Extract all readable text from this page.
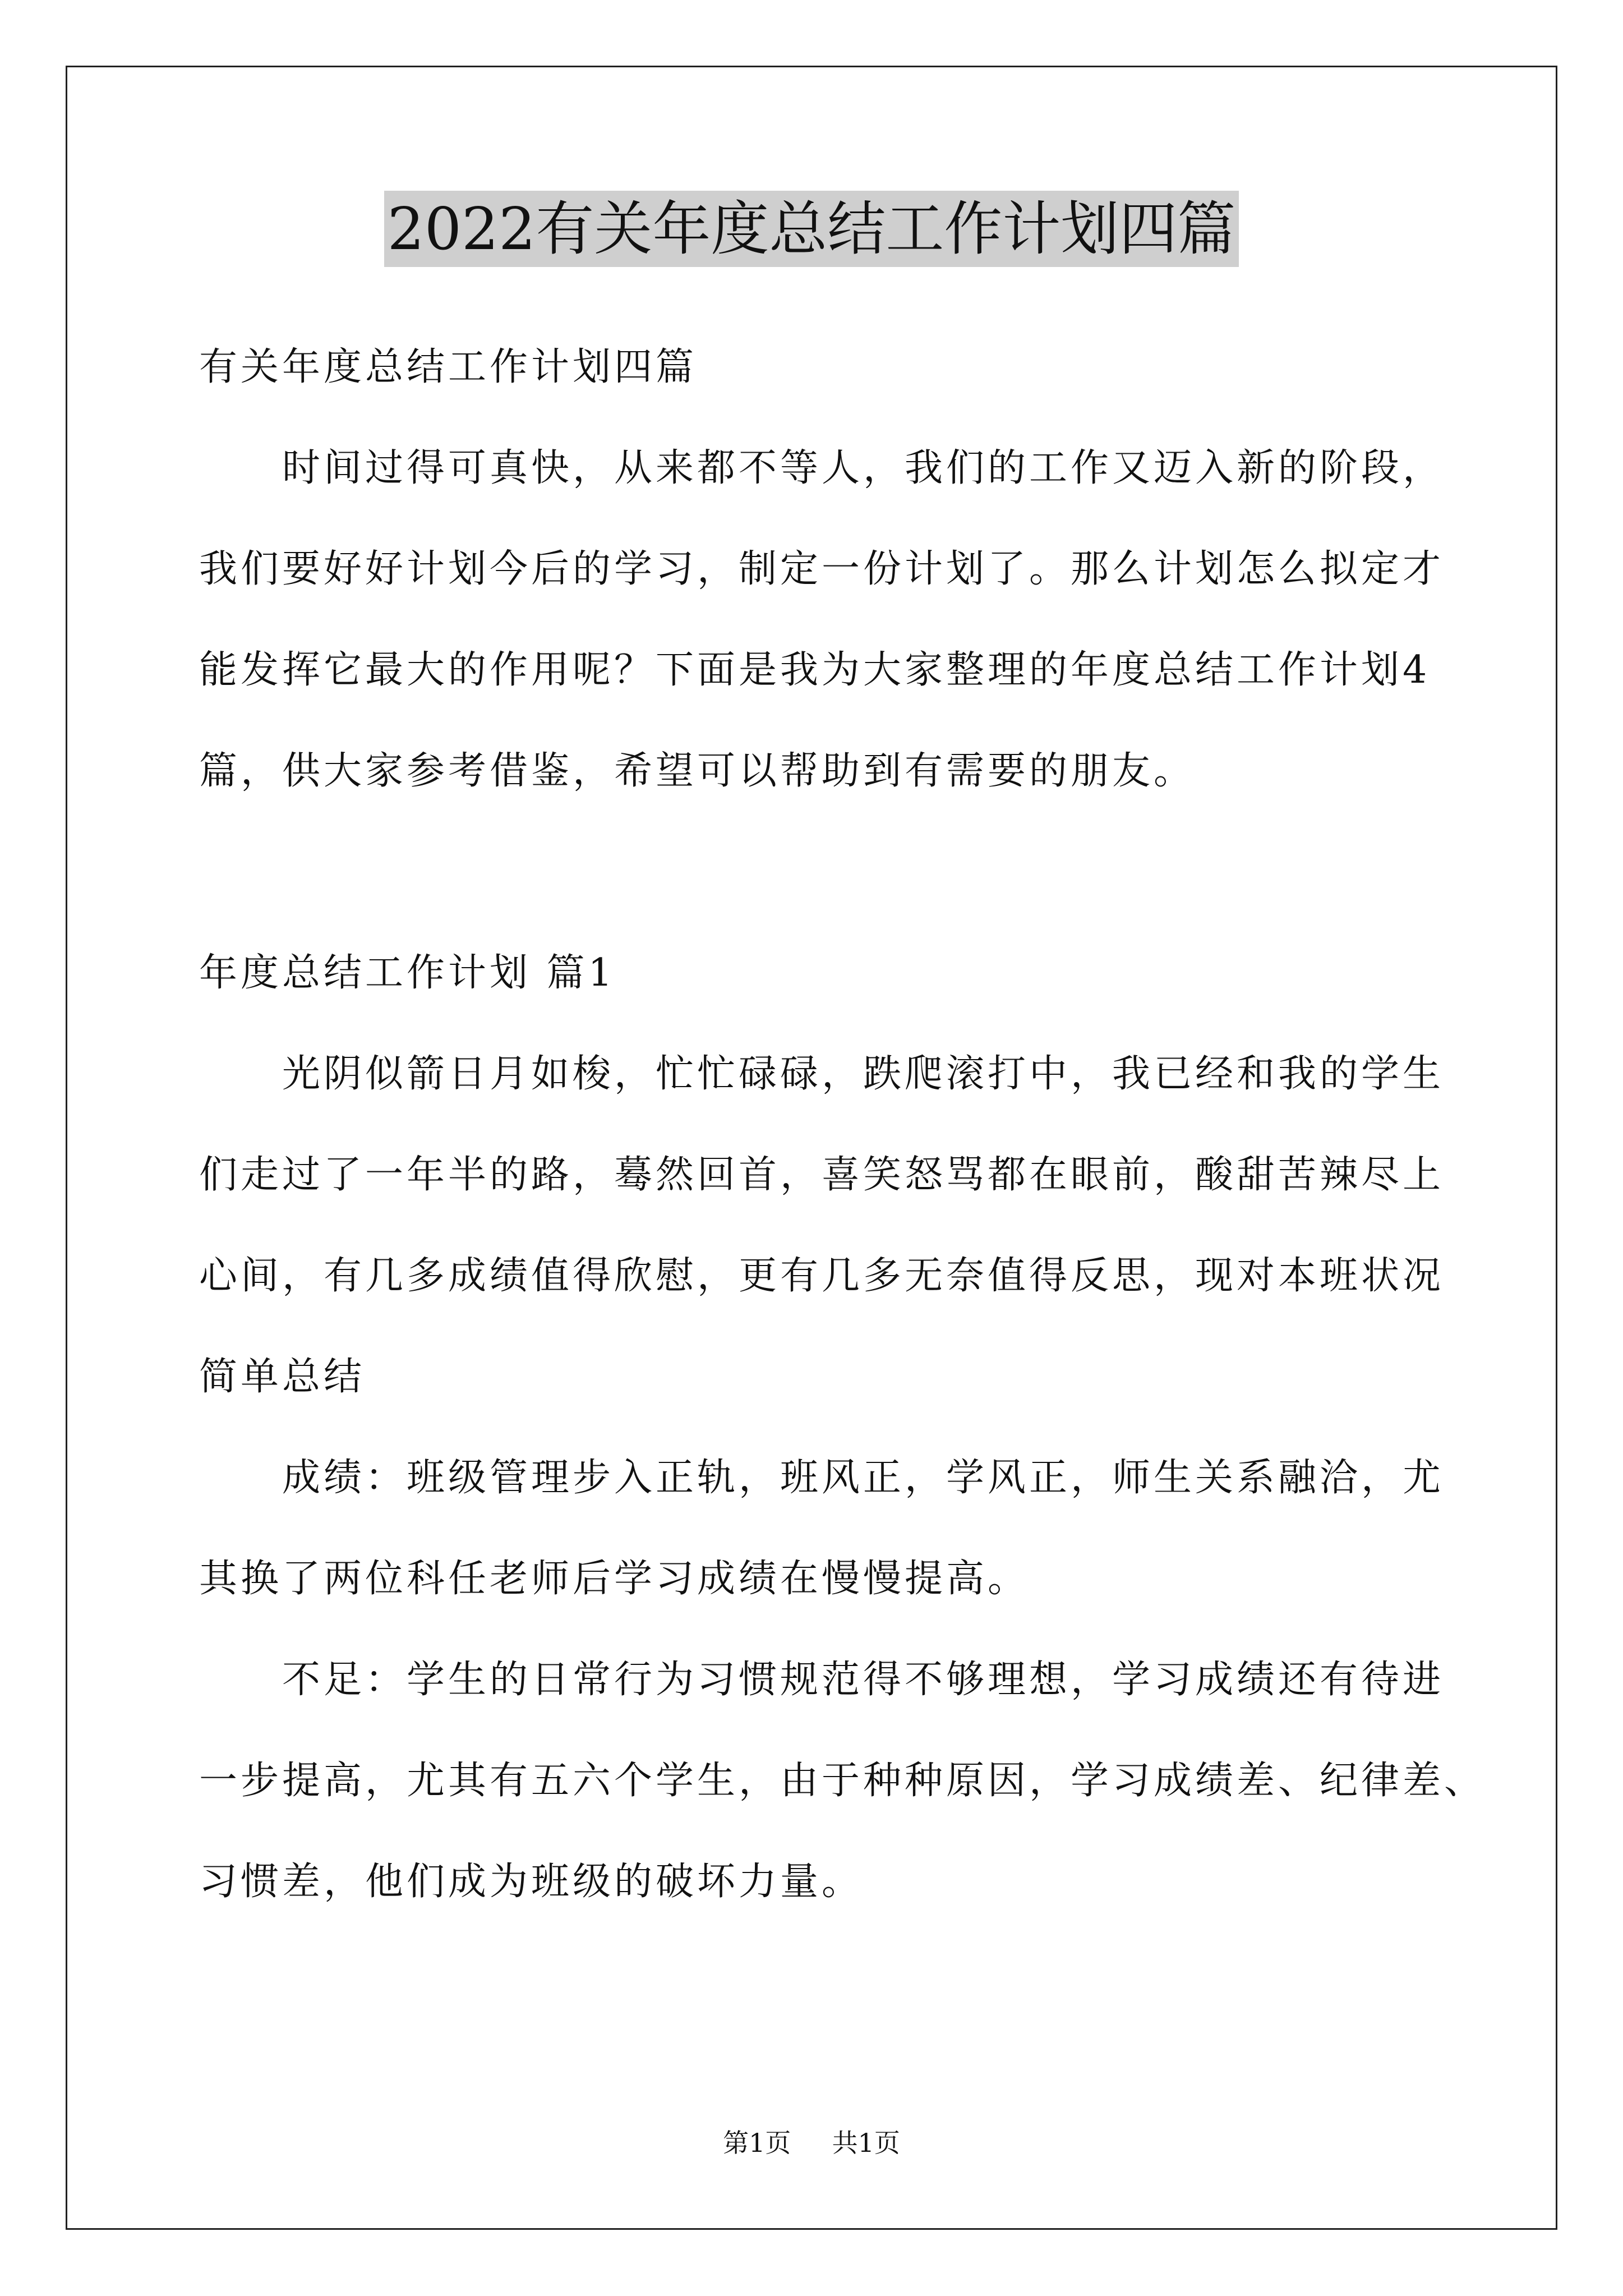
2022有关年度总结工作计划四篇
有关年度总结工作计划四篇
时间过得可真快，从来都不等人，我们的工作又迈入新的阶段，
我们要好好计划今后的学习，制定一份计划了。那么计划怎么拟定才
能发挥它最大的作用呢？下面是我为大家整理的年度总结工作计划4
篇，供大家参考借鉴，希望可以帮助到有需要的朋友。
年度总结工作计划 篇1
光阴似箭日月如梭，忙忙碌碌，跌爬滚打中，我已经和我的学生
们走过了一年半的路，蓦然回首，喜笑怒骂都在眼前，酸甜苦辣尽上
心间，有几多成绩值得欣慰，更有几多无奈值得反思，现对本班状况
简单总结
成绩：班级管理步入正轨，班风正，学风正，师生关系融洽，尤
其换了两位科任老师后学习成绩在慢慢提高。
不足：学生的日常行为习惯规范得不够理想，学习成绩还有待进
一步提高，尤其有五六个学生，由于种种原因，学习成绩差、纪律差、
习惯差，他们成为班级的破坏力量。
第1页 共1页
